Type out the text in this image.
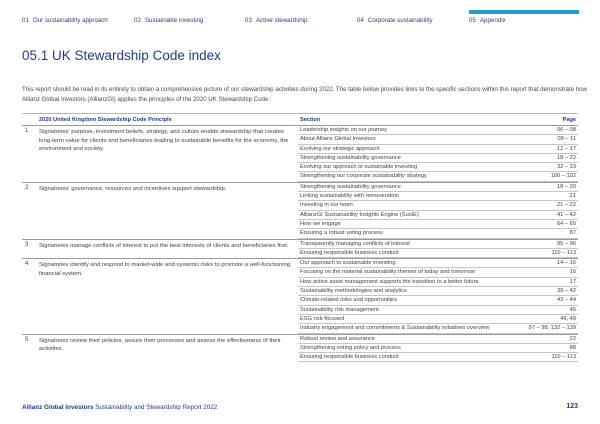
01 Our sustainability approach	02 Sustainable investing	03 Active stewardship	04 Corporate sustainability	05 Appendix
05.1 UK Stewardship Code index
This report should be read in its entirety to obtain a comprehensive picture of our stewardship activities during 2022. The table below provides links to the specific sections within this report that demonstrate how Allianz Global Investors (AllianzGI) applies the principles of the 2020 UK Stewardship Code.
2020 United Kingdom Stewardship Code Principle	Section	Page
1 Signatories' purpose, investment beliefs, strategy, and culture enable stewardship that creates long-term value for clients and beneficiaries leading to sustainable benefits for the economy, the environment and society.
Leadership insights on our journey	06 – 08
About Allianz Global Investors	09 – 11
Evolving our strategic approach	12 – 17
Strengthening sustainability governance	18 – 22
Evolving our approach to sustainable investing	32 – 33
Strengthening our corporate sustainability strategy	100 – 102
2 Signatories' governance, resources and incentives support stewardship.	Strengthening sustainability governance	18 – 20
Linking sustainability with remuneration	21
Investing in our team	21 – 22
AllianzGI Sustainability Insights Engine (SusIE)	41 – 42
How we engage	64 – 65
Ensuring a robust voting process	87
3 Signatories manage conflicts of interest to put the best interests of clients and beneficiaries first.	Transparently managing conflicts of interest	95 – 96
Ensuring responsible business conduct	110 – 113
4 Signatories identify and respond to market-wide and systemic risks to promote a well-functioning financial system.
Our approach to sustainable investing	14 – 16
Focusing on the material sustainability themes of today and tomorrow	16
How active asset management supports the transition to a better future	17
Sustainability methodologies and analytics	39 – 42
Climate-related risks and opportunities	43 – 44
Sustainability risk management	45
ESG risk-focused	46, 49
Industry engagement and commitments & Sustainability initiatives overview	97 – 98; 132 – 139
5 Signatories review their policies, assure their processes and assess the effectiveness of their activities.
Robust review and assurance	22
Strengthening voting policy and process	88
Ensuring responsible business conduct	110 – 113
Allianz Global Investors Sustainability and Stewardship Report 2022	123
